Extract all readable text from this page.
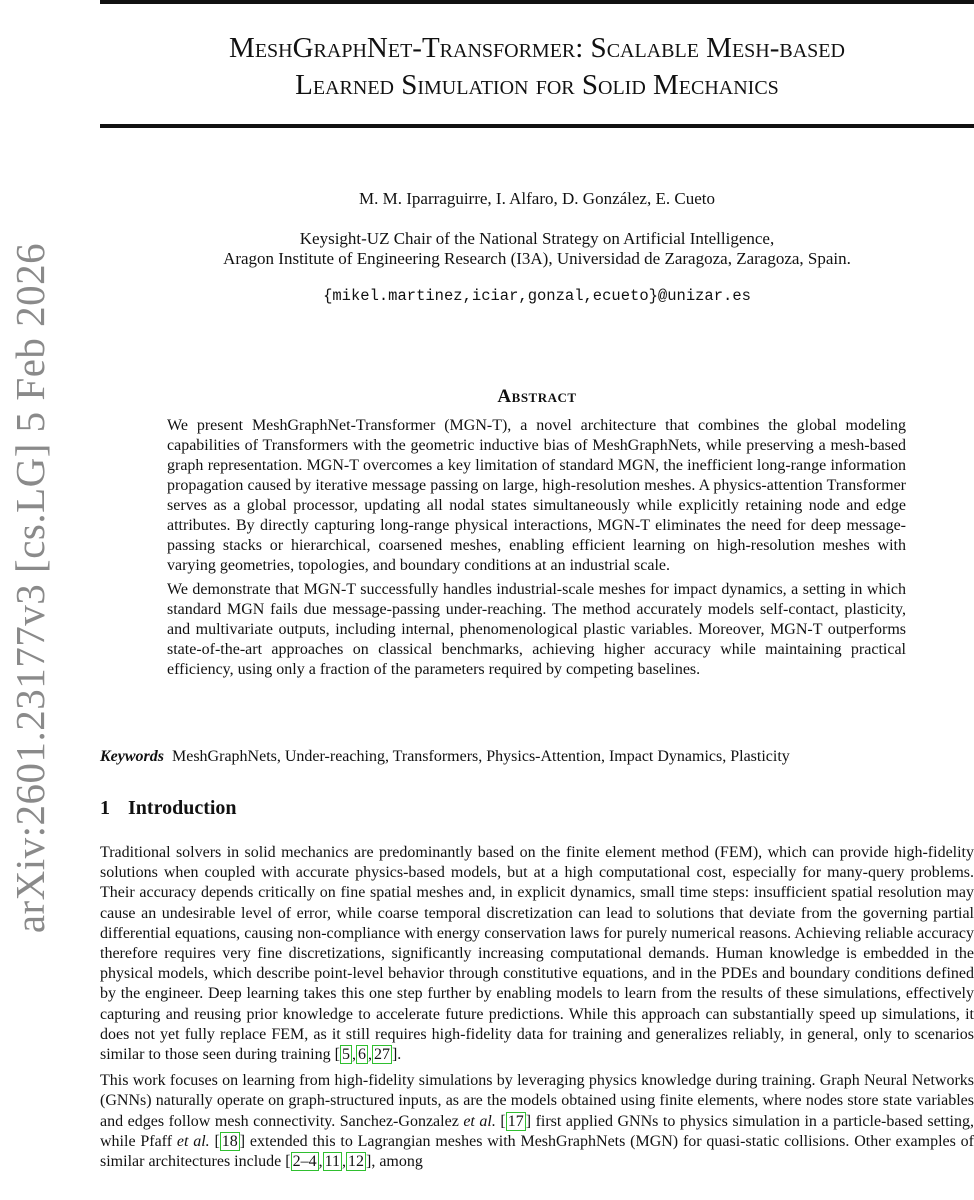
arXiv:2601.23177v3 [cs.LG] 5 Feb 2026
MeshGraphNet-Transformer: Scalable Mesh-based
Learned Simulation for Solid Mechanics
M. M. Iparraguirre, I. Alfaro, D. González, E. Cueto
Keysight-UZ Chair of the National Strategy on Artificial Intelligence,
Aragon Institute of Engineering Research (I3A), Universidad de Zaragoza, Zaragoza, Spain.
{mikel.martinez,iciar,gonzal,ecueto}@unizar.es
Abstract

We present MeshGraphNet-Transformer (MGN-T), a novel architecture that combines the global modeling capabilities of Transformers with the geometric inductive bias of MeshGraphNets, while preserving a mesh-based graph representation. MGN-T overcomes a key limitation of standard MGN, the inefficient long-range information propagation caused by iterative message passing on large, high-resolution meshes. A physics-attention Transformer serves as a global processor, updating all nodal states simultaneously while explicitly retaining node and edge attributes. By directly capturing long-range physical interactions, MGN-T eliminates the need for deep message-passing stacks or hierarchical, coarsened meshes, enabling efficient learning on high-resolution meshes with varying geometries, topologies, and boundary conditions at an industrial scale.

We demonstrate that MGN-T successfully handles industrial-scale meshes for impact dynamics, a setting in which standard MGN fails due message-passing under-reaching. The method accurately models self-contact, plasticity, and multivariate outputs, including internal, phenomenological plastic variables. Moreover, MGN-T outperforms state-of-the-art approaches on classical benchmarks, achieving higher accuracy while maintaining practical efficiency, using only a fraction of the parameters required by competing baselines.

Keywords MeshGraphNets, Under-reaching, Transformers, Physics-Attention, Impact Dynamics, Plasticity
1 Introduction

Traditional solvers in solid mechanics are predominantly based on the finite element method (FEM), which can provide high-fidelity solutions when coupled with accurate physics-based models, but at a high computational cost, especially for many-query problems. Their accuracy depends critically on fine spatial meshes and, in explicit dynamics, small time steps: insufficient spatial resolution may cause an undesirable level of error, while coarse temporal discretization can lead to solutions that deviate from the governing partial differential equations, causing non-compliance with energy conservation laws for purely numerical reasons. Achieving reliable accuracy therefore requires very fine discretizations, significantly increasing computational demands. Human knowledge is embedded in the physical models, which describe point-level behavior through constitutive equations, and in the PDEs and boundary conditions defined by the engineer. Deep learning takes this one step further by enabling models to learn from the results of these simulations, effectively capturing and reusing prior knowledge to accelerate future predictions. While this approach can substantially speed up simulations, it does not yet fully replace FEM, as it still requires high-fidelity data for training and generalizes reliably, in general, only to scenarios similar to those seen during training [ 5 , 6 , 27 ].

This work focuses on learning from high-fidelity simulations by leveraging physics knowledge during training. Graph Neural Networks (GNNs) naturally operate on graph-structured inputs, as are the models obtained using finite elements, where nodes store state variables and edges follow mesh connectivity. Sanchez-Gonzalez et al. [ 17 ] first applied GNNs to physics simulation in a particle-based setting, while Pfaff et al. [ 18 ] extended this to Lagrangian meshes with MeshGraphNets (MGN) for quasi-static collisions. Other examples of similar architectures include [ 2–4 , 11 , 12 ], among
